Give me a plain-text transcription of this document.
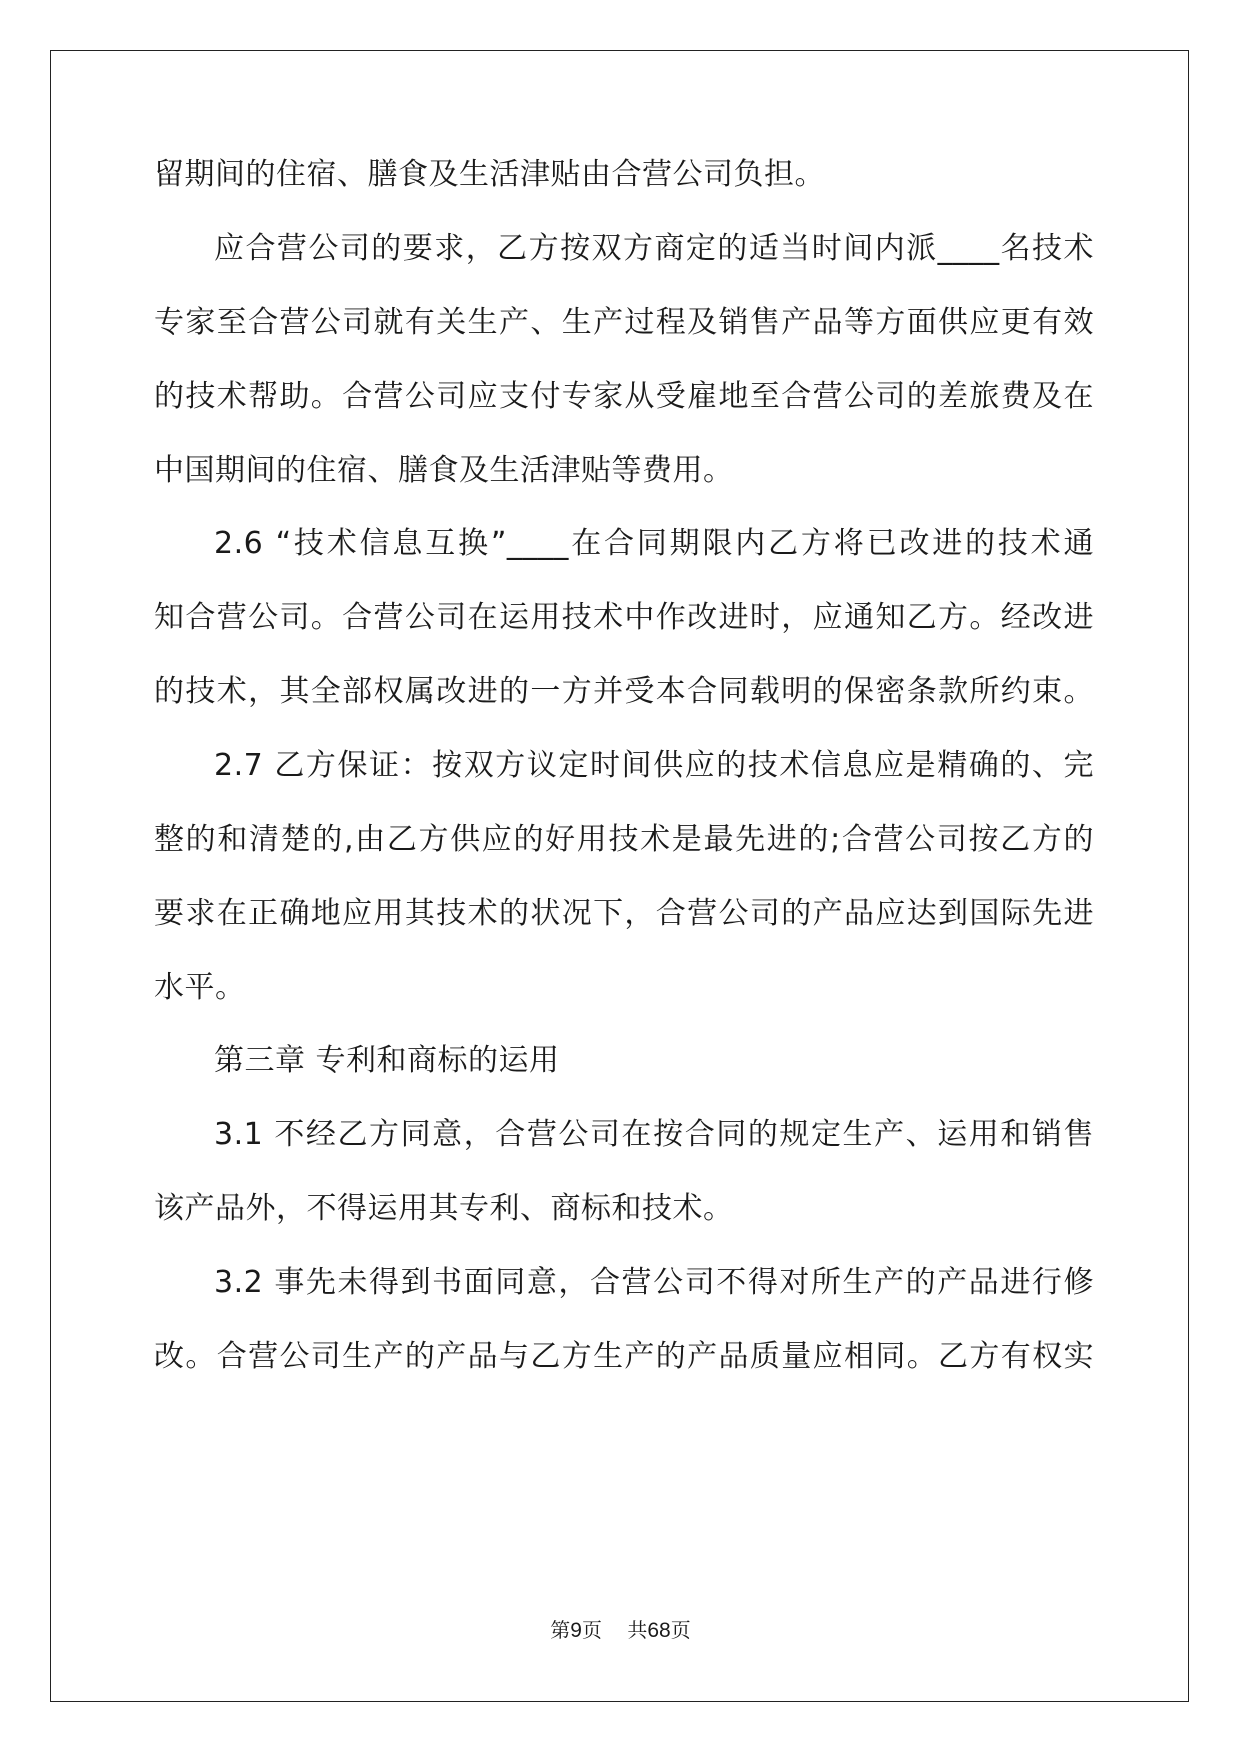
留期间的住宿、膳食及生活津贴由合营公司负担。
应合营公司的要求，乙方按双方商定的适当时间内派____名技术
专家至合营公司就有关生产、生产过程及销售产品等方面供应更有效
的技术帮助。合营公司应支付专家从受雇地至合营公司的差旅费及在
中国期间的住宿、膳食及生活津贴等费用。
2.6 “技术信息互换”____在合同期限内乙方将已改进的技术通
知合营公司。合营公司在运用技术中作改进时，应通知乙方。经改进
的技术，其全部权属改进的一方并受本合同载明的保密条款所约束。
2.7 乙方保证：按双方议定时间供应的技术信息应是精确的、完
整的和清楚的,由乙方供应的好用技术是最先进的;合营公司按乙方的
要求在正确地应用其技术的状况下，合营公司的产品应达到国际先进
水平。
第三章 专利和商标的运用
3.1 不经乙方同意，合营公司在按合同的规定生产、运用和销售
该产品外，不得运用其专利、商标和技术。
3.2 事先未得到书面同意，合营公司不得对所生产的产品进行修
改。合营公司生产的产品与乙方生产的产品质量应相同。乙方有权实
第9页 共68页
